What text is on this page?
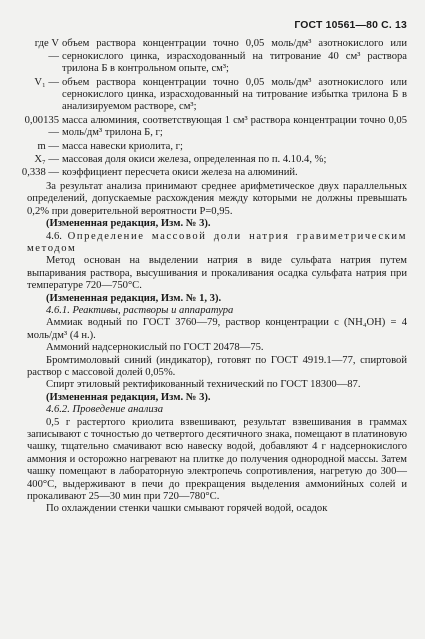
ГОСТ 10561—80 С. 13
где V —
объем раствора концентрации точно 0,05 моль/дм³ азотнокислого или сернокислого цинка, израсходованный на титрование 40 см³ раствора трилона Б в контрольном опыте, см³;
V₁ — объем раствора концентрации точно 0,05 моль/дм³ азотнокислого или сернокислого цинка, израсходованный на титрование избытка трилона Б в анализируемом растворе, см³;
0,00135 —
масса алюминия, соответствующая 1 см³ раствора концентрации точно 0,05 моль/дм³ трилона Б, г;
m — масса навески криолита, г;
X₇ — массовая доля окиси железа, определенная по п. 4.10.4, %;
0,338 — коэффициент пересчета окиси железа на алюминий.

За результат анализа принимают среднее арифметическое двух параллельных определений, допускаемые расхождения между которыми не должны превышать 0,2% при доверительной вероятности P=0,95.

(Измененная редакция, Изм. № 3).

4.6. Определение массовой доли натрия гравиметрическим методом

Метод основан на выделении натрия в виде сульфата натрия путем выпаривания раствора, высушивания и прокаливания осадка сульфата натрия при температуре 720—750°С.

(Измененная редакция, Изм. № 1, 3).

4.6.1. Реактивы, растворы и аппаратура

Аммиак водный по ГОСТ 3760—79, раствор концентрации c (NH₄OH) = 4 моль/дм³ (4 н.).

Аммоний надсернокислый по ГОСТ 20478—75.

Бромтимоловый синий (индикатор), готовят по ГОСТ 4919.1—77, спиртовой раствор с массовой долей 0,05%.

Спирт этиловый ректификованный технический по ГОСТ 18300—87.

(Измененная редакция, Изм. № 3).

4.6.2. Проведение анализа

0,5 г растертого криолита взвешивают, результат взвешивания в граммах записывают с точностью до четвертого десятичного знака, помещают в платиновую чашку, тщательно смачивают всю навеску водой, добавляют 4 г надсернокислого аммония и осторожно нагревают на плитке до получения однородной массы. Затем чашку помещают в лабораторную электропечь сопротивления, нагретую до 300—400°С, выдерживают в печи до прекращения выделения аммонийных солей и прокаливают 25—30 мин при 720—780°С.

По охлаждении стенки чашки смывают горячей водой, осадок
